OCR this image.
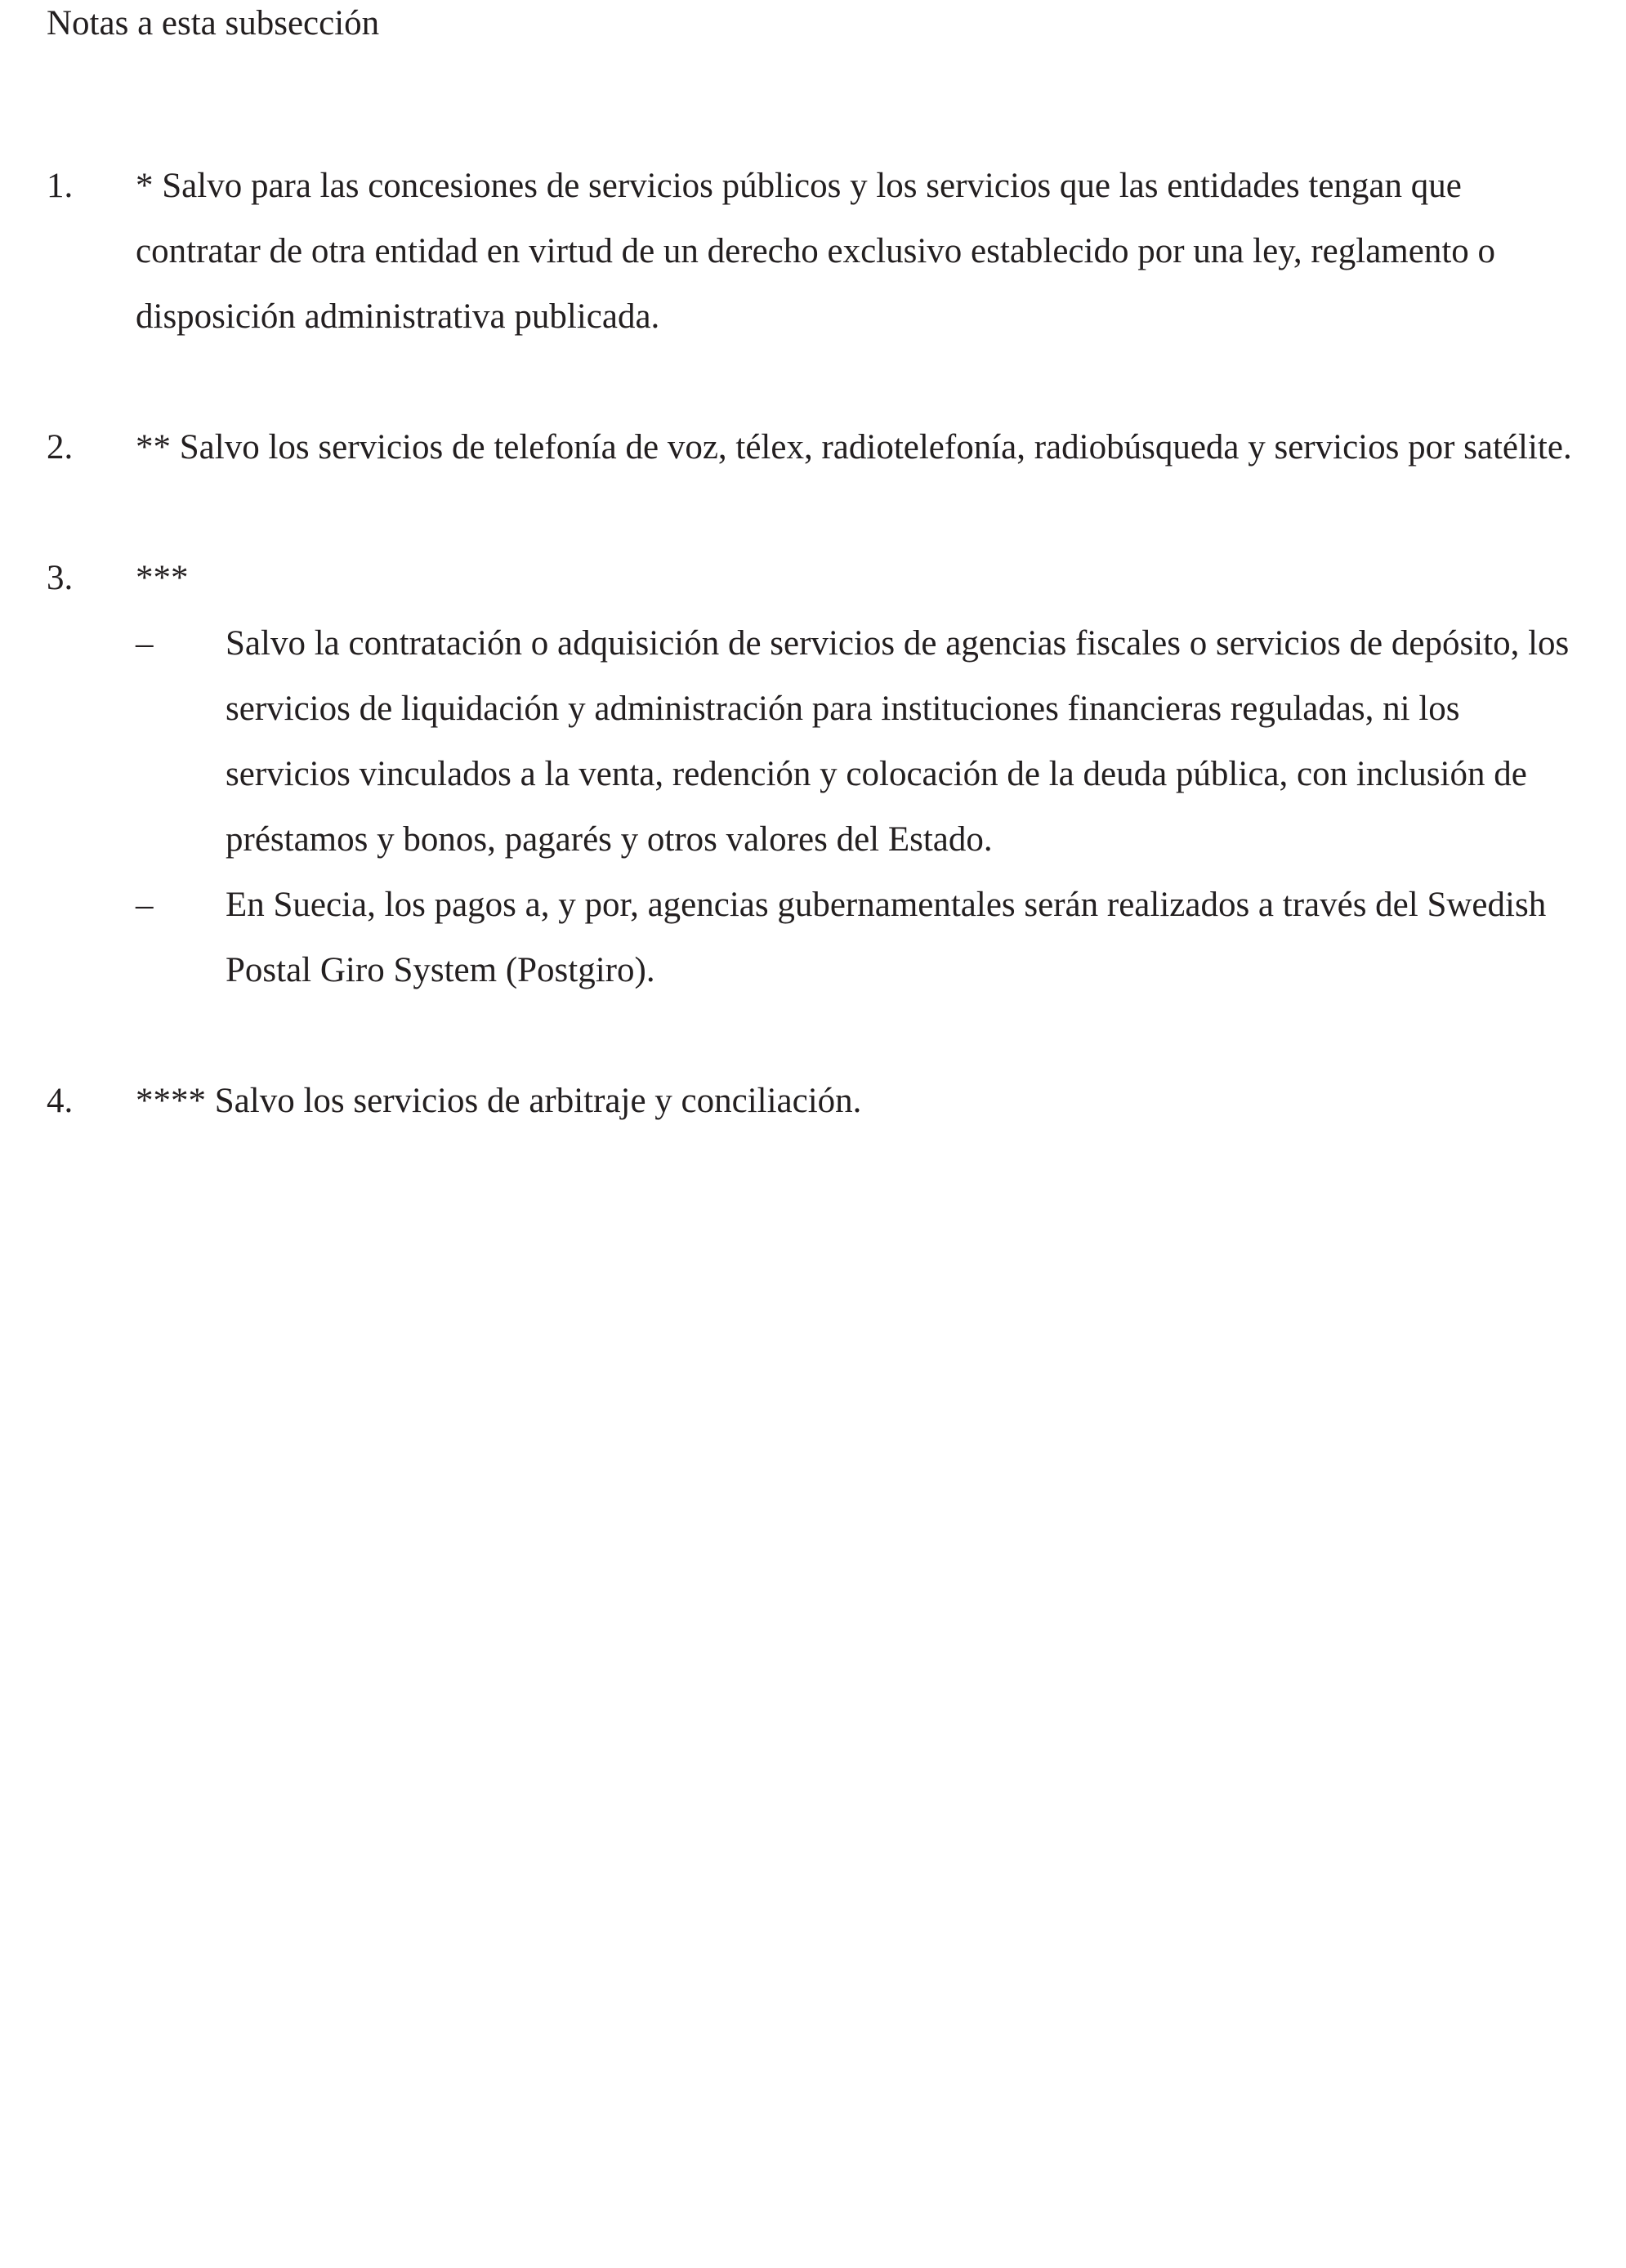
Notas a esta subsección
1. * Salvo para las concesiones de servicios públicos y los servicios que las entidades tengan que contratar de otra entidad en virtud de un derecho exclusivo establecido por una ley, reglamento o disposición administrativa publicada.
2. ** Salvo los servicios de telefonía de voz, télex, radiotelefonía, radiobúsqueda y servicios por satélite.
3. ***
– Salvo la contratación o adquisición de servicios de agencias fiscales o servicios de depósito, los servicios de liquidación y administración para instituciones financieras reguladas, ni los servicios vinculados a la venta, redención y colocación de la deuda pública, con inclusión de préstamos y bonos, pagarés y otros valores del Estado.
– En Suecia, los pagos a, y por, agencias gubernamentales serán realizados a través del Swedish Postal Giro System (Postgiro).
4. **** Salvo los servicios de arbitraje y conciliación.
